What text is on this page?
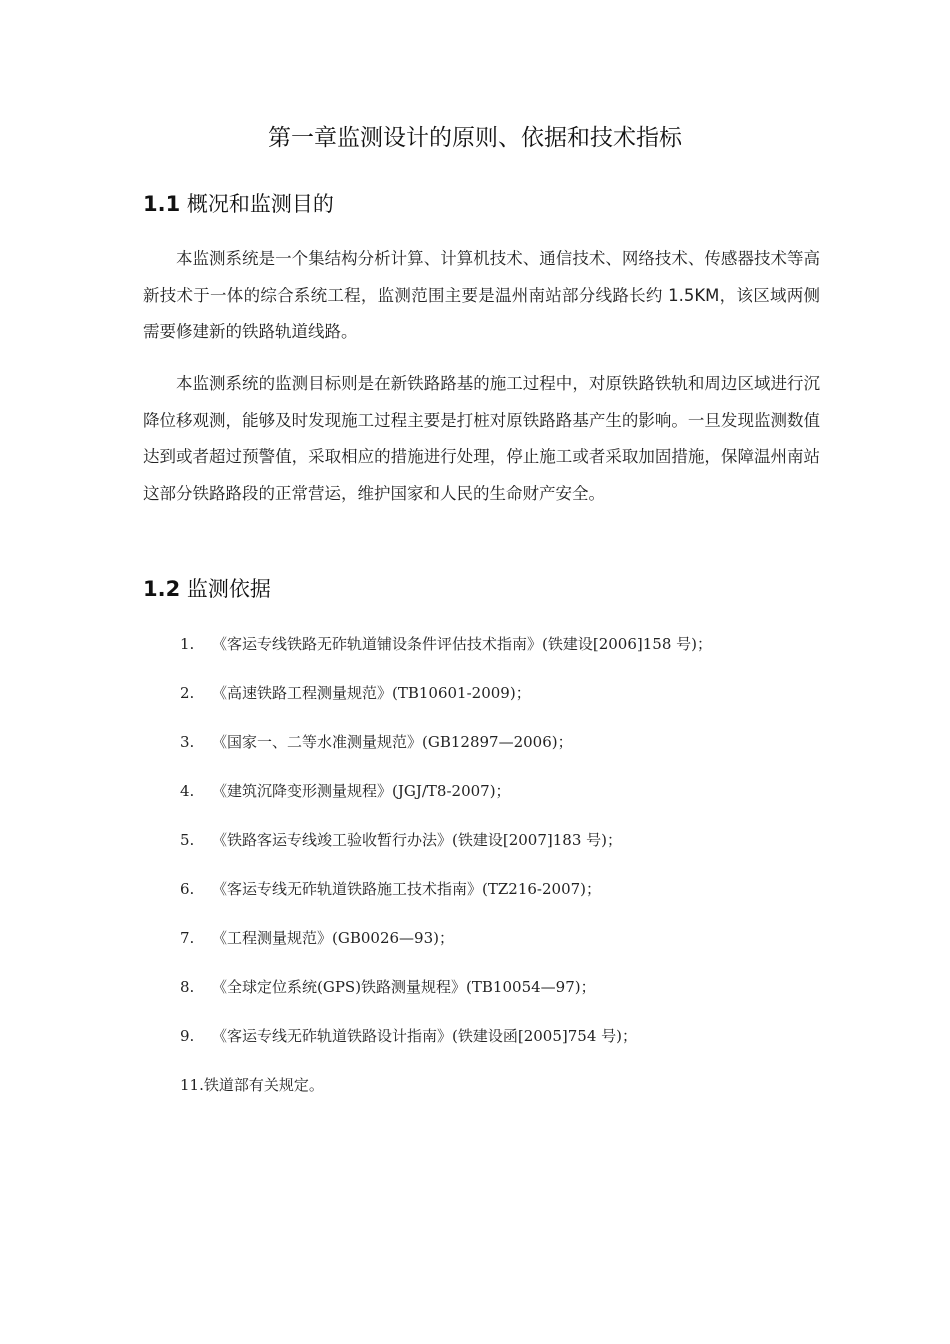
第一章监测设计的原则、依据和技术指标
1.1 概况和监测目的

本监测系统是一个集结构分析计算、计算机技术、通信技术、网络技术、传感器技术等高新技术于一体的综合系统工程，监测范围主要是温州南站部分线路长约 1.5KM，该区域两侧需要修建新的铁路轨道线路。

本监测系统的监测目标则是在新铁路路基的施工过程中，对原铁路铁轨和周边区域进行沉降位移观测，能够及时发现施工过程主要是打桩对原铁路路基产生的影响。一旦发现监测数值达到或者超过预警值，采取相应的措施进行处理，停止施工或者采取加固措施，保障温州南站这部分铁路路段的正常营运，维护国家和人民的生命财产安全。

1.2 监测依据
1. 《客运专线铁路无砟轨道铺设条件评估技术指南》(铁建设[2006]158 号)；
2. 《高速铁路工程测量规范》(TB10601-2009)；
3. 《国家一、二等水准测量规范》(GB12897—2006)；
4. 《建筑沉降变形测量规程》(JGJ/T8-2007)；
5. 《铁路客运专线竣工验收暂行办法》(铁建设[2007]183 号)；
6. 《客运专线无砟轨道铁路施工技术指南》(TZ216-2007)；
7. 《工程测量规范》(GB0026—93)；
8. 《全球定位系统(GPS)铁路测量规程》(TB10054—97)；
9. 《客运专线无砟轨道铁路设计指南》(铁建设函[2005]754 号)；
11.铁道部有关规定。
